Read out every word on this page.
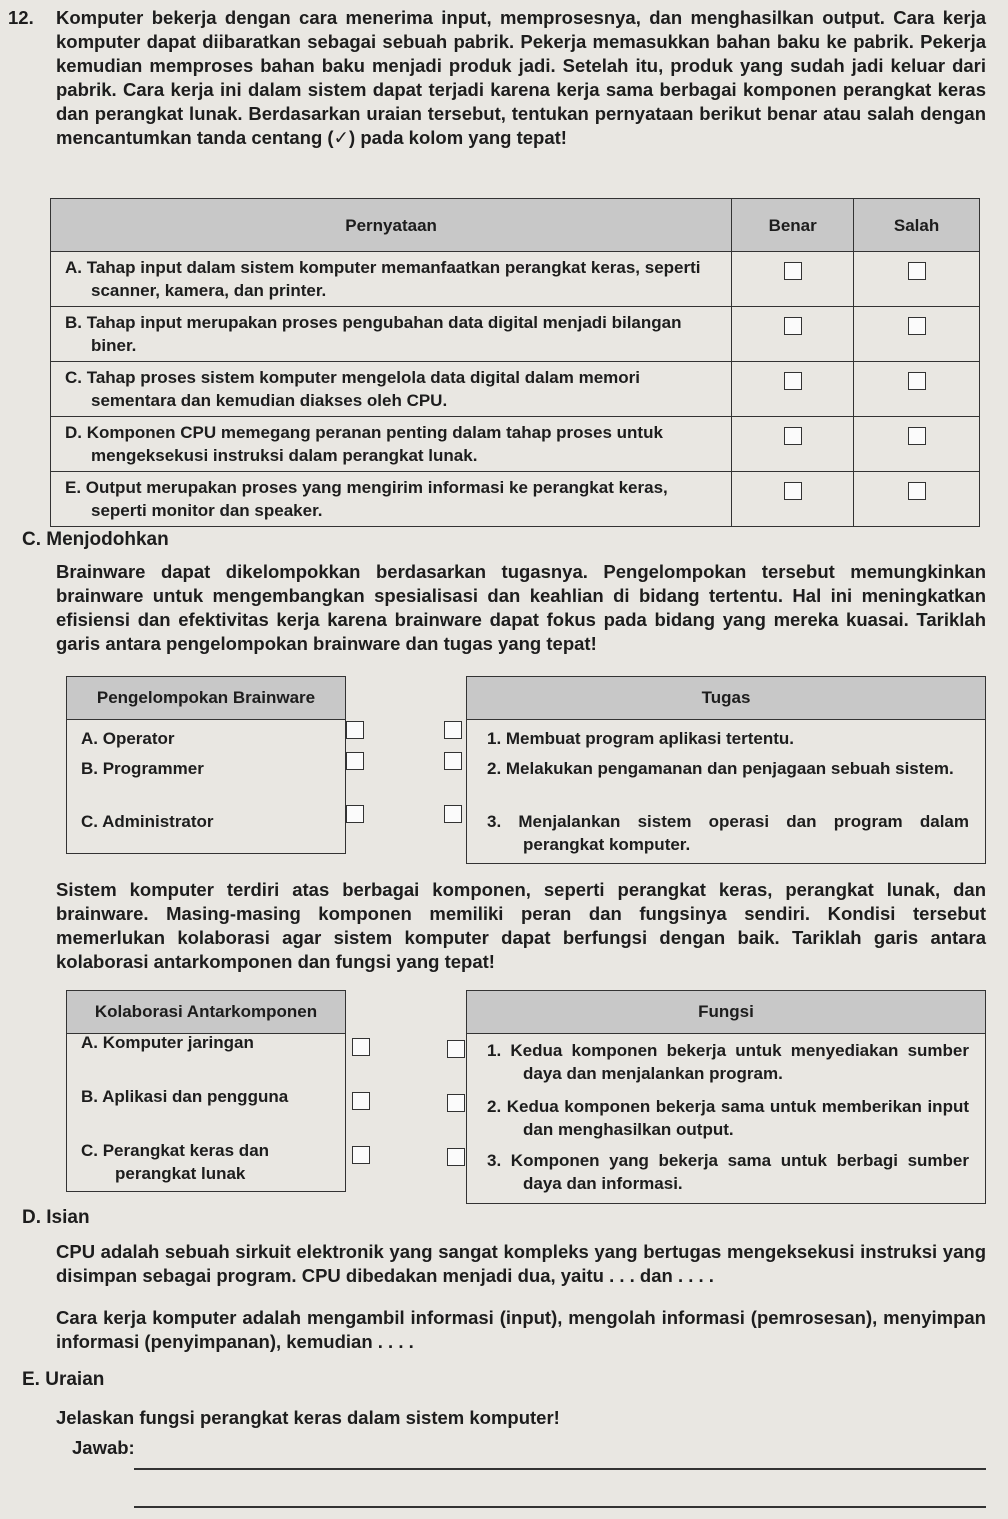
12. Komputer bekerja dengan cara menerima input, memprosesnya, dan menghasilkan output. Cara kerja komputer dapat diibaratkan sebagai sebuah pabrik. Pekerja memasukkan bahan baku ke pabrik. Pekerja kemudian memproses bahan baku menjadi produk jadi. Setelah itu, produk yang sudah jadi keluar dari pabrik. Cara kerja ini dalam sistem dapat terjadi karena kerja sama berbagai komponen perangkat keras dan perangkat lunak. Berdasarkan uraian tersebut, tentukan pernyataan berikut benar atau salah dengan mencantumkan tanda centang (✓) pada kolom yang tepat!
Pernyataan	Benar	Salah

A. Tahap input dalam sistem komputer memanfaatkan perangkat keras, seperti scanner, kamera, dan printer.		

B. Tahap input merupakan proses pengubahan data digital menjadi bilangan biner.		

C. Tahap proses sistem komputer mengelola data digital dalam memori sementara dan kemudian diakses oleh CPU.		

D. Komponen CPU memegang peranan penting dalam tahap proses untuk mengeksekusi instruksi dalam perangkat lunak.		

E. Output merupakan proses yang mengirim informasi ke perangkat keras, seperti monitor dan speaker.		

C. Menjodohkan
Brainware dapat dikelompokkan berdasarkan tugasnya. Pengelompokan tersebut memungkinkan brainware untuk mengembangkan spesialisasi dan keahlian di bidang tertentu. Hal ini meningkatkan efisiensi dan efektivitas kerja karena brainware dapat fokus pada bidang yang mereka kuasai. Tariklah garis antara pengelompokan brainware dan tugas yang tepat!
Pengelompokan Brainware
A. Operator
B. Programmer
C. Administrator
Tugas
1. Membuat program aplikasi tertentu.
2. Melakukan pengamanan dan penjagaan sebuah sistem.
3. Menjalankan sistem operasi dan program dalam perangkat komputer.
Sistem komputer terdiri atas berbagai komponen, seperti perangkat keras, perangkat lunak, dan brainware. Masing-masing komponen memiliki peran dan fungsinya sendiri. Kondisi tersebut memerlukan kolaborasi agar sistem komputer dapat berfungsi dengan baik. Tariklah garis antara kolaborasi antarkomponen dan fungsi yang tepat!
Kolaborasi Antarkomponen
A. Komputer jaringan
B. Aplikasi dan pengguna
C. Perangkat keras dan perangkat lunak
Fungsi
1. Kedua komponen bekerja untuk menyediakan sumber daya dan menjalankan program.
2. Kedua komponen bekerja sama untuk memberikan input dan menghasilkan output.
3. Komponen yang bekerja sama untuk berbagi sumber daya dan informasi.
D. Isian
CPU adalah sebuah sirkuit elektronik yang sangat kompleks yang bertugas mengeksekusi instruksi yang disimpan sebagai program. CPU dibedakan menjadi dua, yaitu . . . dan . . . .
Cara kerja komputer adalah mengambil informasi (input), mengolah informasi (pemrosesan), menyimpan informasi (penyimpanan), kemudian . . . .
E. Uraian
Jelaskan fungsi perangkat keras dalam sistem komputer!
Jawab:
